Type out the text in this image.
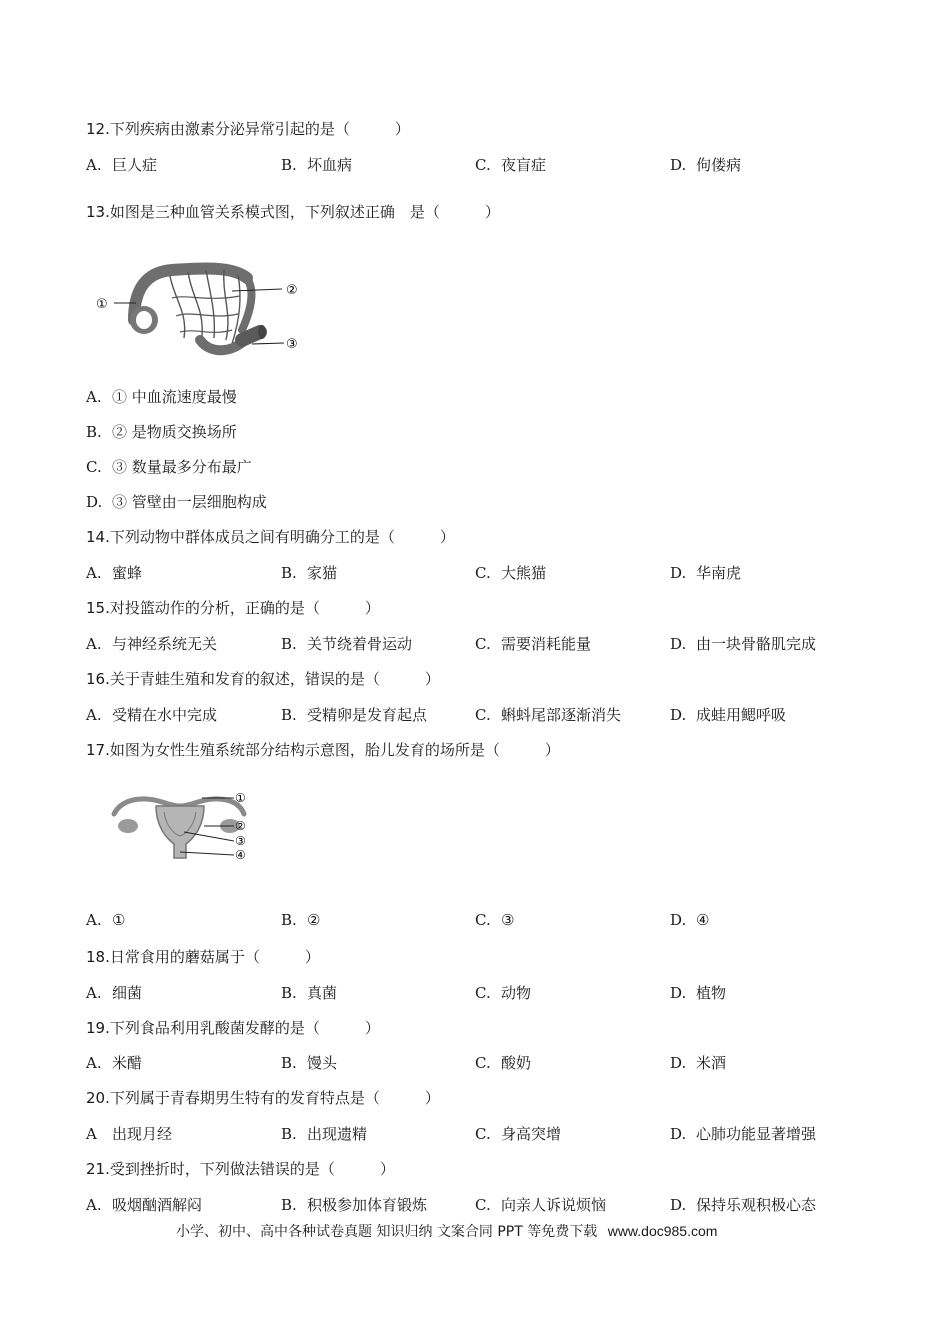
12.下列疾病由激素分泌异常引起的是（　　　）
A. 巨人症	B. 坏血病	C. 夜盲症	D. 佝偻病
13.如图是三种血管关系模式图，下列叙述正确　是（　　　）
①
②
③
A. ① 中血流速度最慢
B. ② 是物质交换场所
C. ③ 数量最多分布最广
D. ③ 管壁由一层细胞构成
14.下列动物中群体成员之间有明确分工的是（　　　）
A. 蜜蜂	B. 家猫	C. 大熊猫	D. 华南虎
15.对投篮动作的分析，正确的是（　　　）
A. 与神经系统无关	B. 关节绕着骨运动	C. 需要消耗能量	D. 由一块骨骼肌完成
16.关于青蛙生殖和发育的叙述，错误的是（　　　）
A. 受精在水中完成	B. 受精卵是发育起点	C. 蝌蚪尾部逐渐消失	D. 成蛙用鳃呼吸
17.如图为女性生殖系统部分结构示意图，胎儿发育的场所是（　　　）
①
②
③
④
A. ①	B. ②	C. ③	D. ④
18.日常食用的蘑菇属于（　　　）
A. 细菌	B. 真菌	C. 动物	D. 植物
19.下列食品利用乳酸菌发酵的是（　　　）
A. 米醋	B. 馒头	C. 酸奶	D. 米酒
20.下列属于青春期男生特有的发育特点是（　　　）
A 出现月经	B. 出现遗精	C. 身高突增	D. 心肺功能显著增强
21.受到挫折时，下列做法错误的是（　　　）
A. 吸烟酗酒解闷	B. 积极参加体育锻炼	C. 向亲人诉说烦恼	D. 保持乐观积极心态
小学、初中、高中各种试卷真题 知识归纳 文案合同 PPT 等免费下载 www.doc985.com
